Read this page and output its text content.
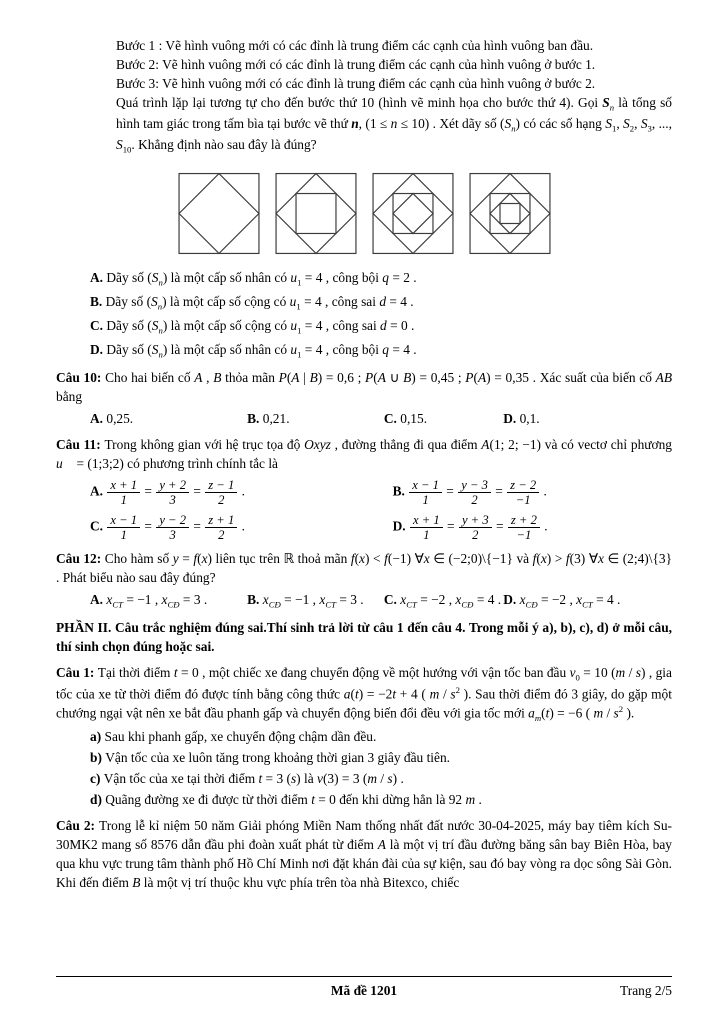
Bước 1 : Vẽ hình vuông mới có các đỉnh là trung điểm các cạnh của hình vuông ban đầu.

Bước 2: Vẽ hình vuông mới có các đỉnh là trung điểm các cạnh của hình vuông ở bước 1.

Bước 3: Vẽ hình vuông mới có các đỉnh là trung điểm các cạnh của hình vuông ở bước 2.

Quá trình lặp lại tương tự cho đến bước thứ 10 (hình vẽ minh họa cho bước thứ 4). Gọi $S_n$ là tổng số hình tam giác trong tấm bìa tại bước vẽ thứ n, (1 ≤ n ≤ 10) . Xét dãy số $(S_n)$ có các số hạng $S_1$, $S_2$, $S_3$, ..., $S_{10}$. Khẳng định nào sau đây là đúng?

A. Dãy số $(S_n)$ là một cấp số nhân có $u_1 = 4$ , công bội q = 2 .

B. Dãy số $(S_n)$ là một cấp số cộng có $u_1 = 4$ , công sai d = 4 .

C. Dãy số $(S_n)$ là một cấp số cộng có $u_1 = 4$ , công sai d = 0 .

D. Dãy số $(S_n)$ là một cấp số nhân có $u_1 = 4$ , công bội q = 4 .

Câu 10: Cho hai biến cố A , B thỏa mãn P(A | B) = 0,6 ; P(A ∪ B) = 0,45 ; P(A) = 0,35 . Xác suất của biến cố AB bằng

A. 0,25.	B. 0,21.	C. 0,15.	D. 0,1.

Câu 11: Trong không gian với hệ trục tọa độ Oxyz , đường thẳng đi qua điểm A(1; 2; −1) và có vectơ chỉ phương u⃗ = (1;3;2) có phương trình chính tắc là

A. $\frac{x + 1}{1} = \frac{y + 2}{3} = \frac{z - 1}{2}$ .	B. $\frac{x - 1}{1} = \frac{y - 3}{2} = \frac{z - 2}{-1}$ .
C. $\frac{x - 1}{1} = \frac{y - 2}{3} = \frac{z + 1}{2}$ .	D. $\frac{x + 1}{1} = \frac{y + 3}{2} = \frac{z + 2}{-1}$ .

Câu 12: Cho hàm số y = f(x) liên tục trên ℝ thoả mãn f(x) < f(−1) ∀x ∈ (−2;0)\{−1} và f(x) > f(3) ∀x ∈ (2;4)\{3} . Phát biểu nào sau đây đúng?

A. $x_{CT} = -1$ , $x_{CĐ} = 3$ .	B. $x_{CĐ} = -1$ , $x_{CT} = 3$ .	C. $x_{CT} = -2$ , $x_{CĐ} = 4$ . D. $x_{CĐ} = -2$ , $x_{CT} = 4$ .

PHẦN II. Câu trắc nghiệm đúng sai.Thí sinh trả lời từ câu 1 đến câu 4. Trong mỗi ý a), b), c), d) ở mỗi câu, thí sinh chọn đúng hoặc sai.

Câu 1: Tại thời điểm t = 0 , một chiếc xe đang chuyển động về một hướng với vận tốc ban đầu $v_0 = 10$ (m / s) , gia tốc của xe từ thời điểm đó được tính bằng công thức a(t) = −2t + 4 ( m / $s^2$ ). Sau thời điểm đó 3 giây, do gặp một chướng ngại vật nên xe bắt đầu phanh gấp và chuyển động biến đổi đều với gia tốc mới $a_m(t) = -6$ ( m / $s^2$ ).

a) Sau khi phanh gấp, xe chuyển động chậm dần đều.

b) Vận tốc của xe luôn tăng trong khoảng thời gian 3 giây đầu tiên.

c) Vận tốc của xe tại thời điểm t = 3 (s) là v(3) = 3 (m / s) .

d) Quãng đường xe đi được từ thời điểm t = 0 đến khi dừng hẳn là 92 m .

Câu 2: Trong lễ kỉ niệm 50 năm Giải phóng Miền Nam thống nhất đất nước 30-04-2025, máy bay tiêm kích Su-30MK2 mang số 8576 dẫn đầu phi đoàn xuất phát từ điểm A là một vị trí đầu đường băng sân bay Biên Hòa, bay qua khu vực trung tâm thành phố Hồ Chí Minh nơi đặt khán đài của sự kiện, sau đó bay vòng ra dọc sông Sài Gòn. Khi đến điểm B là một vị trí thuộc khu vực phía trên tòa nhà Bitexco, chiếc

Mã đề 1201	Trang 2/5
